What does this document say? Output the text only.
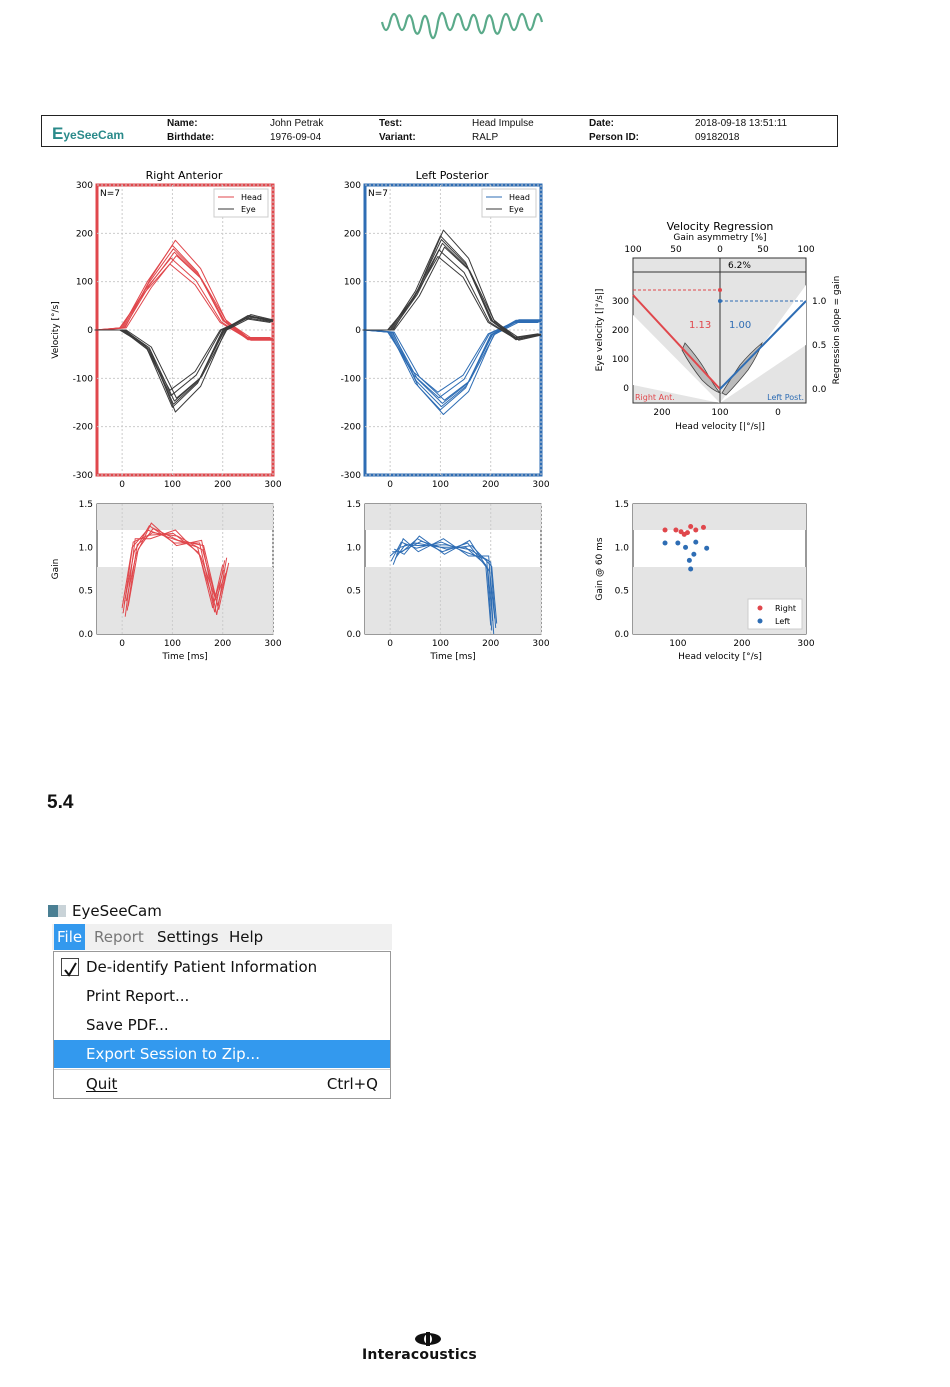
EyeSeeCam
Name:	John Petrak
Birthdate:	1976-09-04
Test:	Head Impulse
Variant:	RALP
Date:	2018-09-18 13:51:11
Person ID:	09182018
Right Anterior
300
200
100
0
-100
-200
-300
0	100	200	300
N=7	Head
Eye
Velocity [°/s]
Left Posterior
300
200
100
0
-100
-200
-300
0	100	200	300
N=7	Head
Eye
Velocity Regression
Gain asymmetry [%]
100	50	0	50	100
6.2%
1.13 1.00
Right Ant.	Left Post.
300
200
100
0
1.0
0.5
0.0
200	100	0
Head velocity [|°/s|]
Eye velocity [|°/s|]	Regression slope = gain
1.5
1.0
0.5
0.0
0	100	200	300
Time [ms]
Gain
1.5
1.0
0.5
0.0
0	100	200	300
Time [ms]
1.5
1.0
0.5
0.0
100	200	300
Right
Left
Head velocity [°/s]
Gain @ 60 ms
5.4
EyeSeeCam
File Report Settings Help
De-identify Patient Information
Print Report...
Save PDF...
Export Session to Zip...
Quit	Ctrl+Q
Interacoustics
